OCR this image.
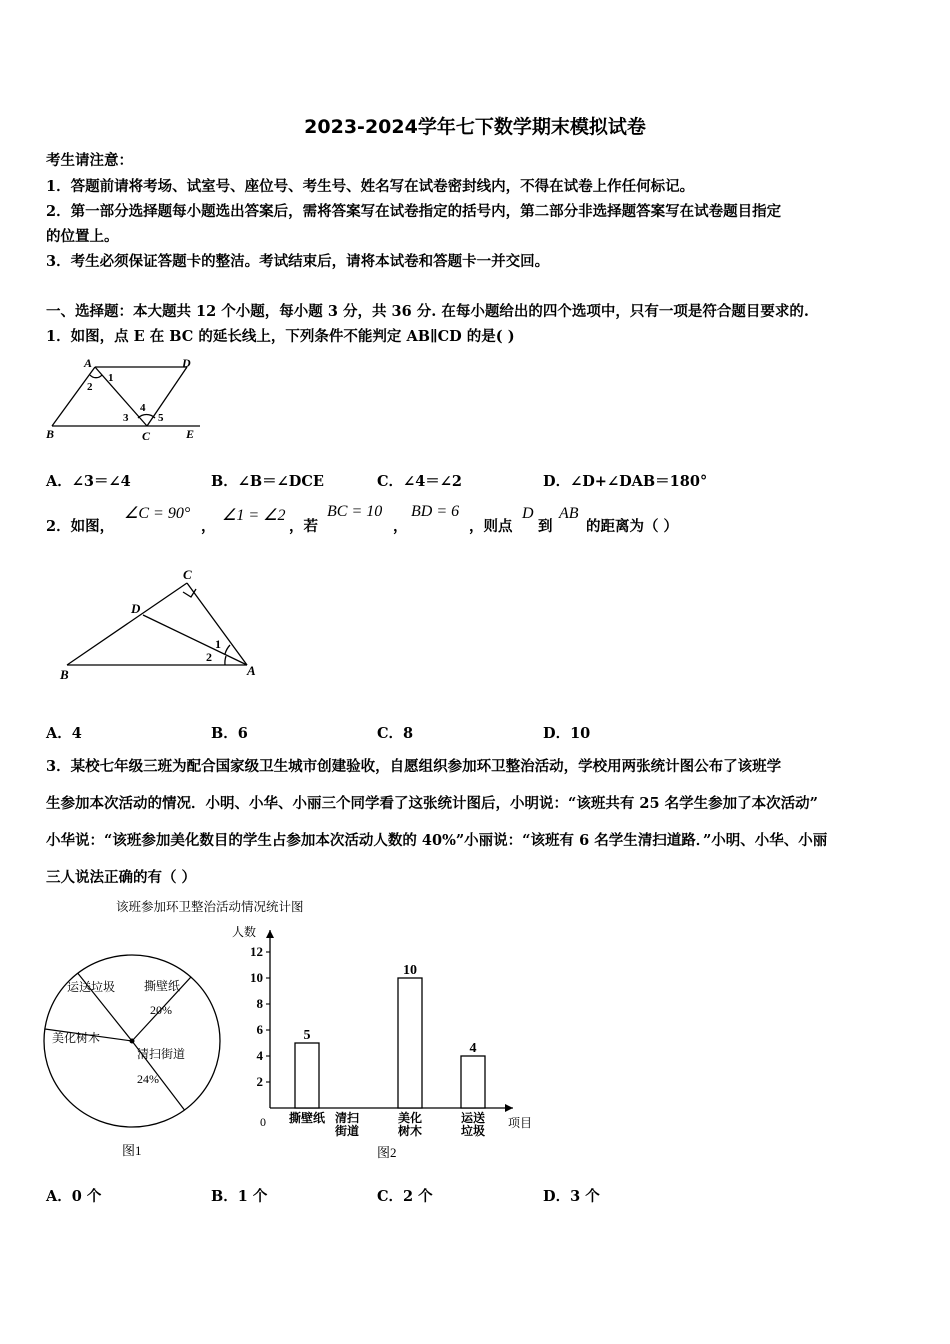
2023-2024学年七下数学期末模拟试卷
考生请注意：
1．答题前请将考场、试室号、座位号、考生号、姓名写在试卷密封线内，不得在试卷上作任何标记。
2．第一部分选择题每小题选出答案后，需将答案写在试卷指定的括号内，第二部分非选择题答案写在试卷题目指定
的位置上。
3．考生必须保证答题卡的整洁。考试结束后，请将本试卷和答题卡一并交回。
一、选择题：本大题共 12 个小题，每小题 3 分，共 36 分. 在每小题给出的四个选项中，只有一项是符合题目要求的.
1．如图，点 E 在 BC 的延长线上，下列条件不能判定 AB∥CD 的是( )
A	D
B	C	E
1
2
3
4
5
A．∠3＝∠4	B．∠B＝∠DCE	C．∠4＝∠2	D．∠D+∠DAB＝180°
2．如图，
∠C = 90°
，
∠1 = ∠2
，若
BC = 10
，
BD = 6
，则点
D
到
AB
的距离为（ ）
C
D
B	A
1
2
A．4	B．6	C．8	D．10
3．某校七年级三班为配合国家级卫生城市创建验收，自愿组织参加环卫整治活动，学校用两张统计图公布了该班学
生参加本次活动的情况．小明、小华、小丽三个同学看了这张统计图后，小明说：“该班共有 25 名学生参加了本次活动”
小华说：“该班参加美化数目的学生占参加本次活动人数的 40%”小丽说：“该班有 6 名学生清扫道路．”小明、小华、小丽
三人说法正确的有（ ）
该班参加环卫整治活动情况统计图
运送垃圾 撕壁纸
20%
清扫街道
24%
美化树木
图1
2
4
6
8
10
12
5
撕壁纸 清扫
街道
10
美化
树木
4
运送
垃圾
人数
项目
0
图2
A．0 个	B．1 个	C．2 个	D．3 个
